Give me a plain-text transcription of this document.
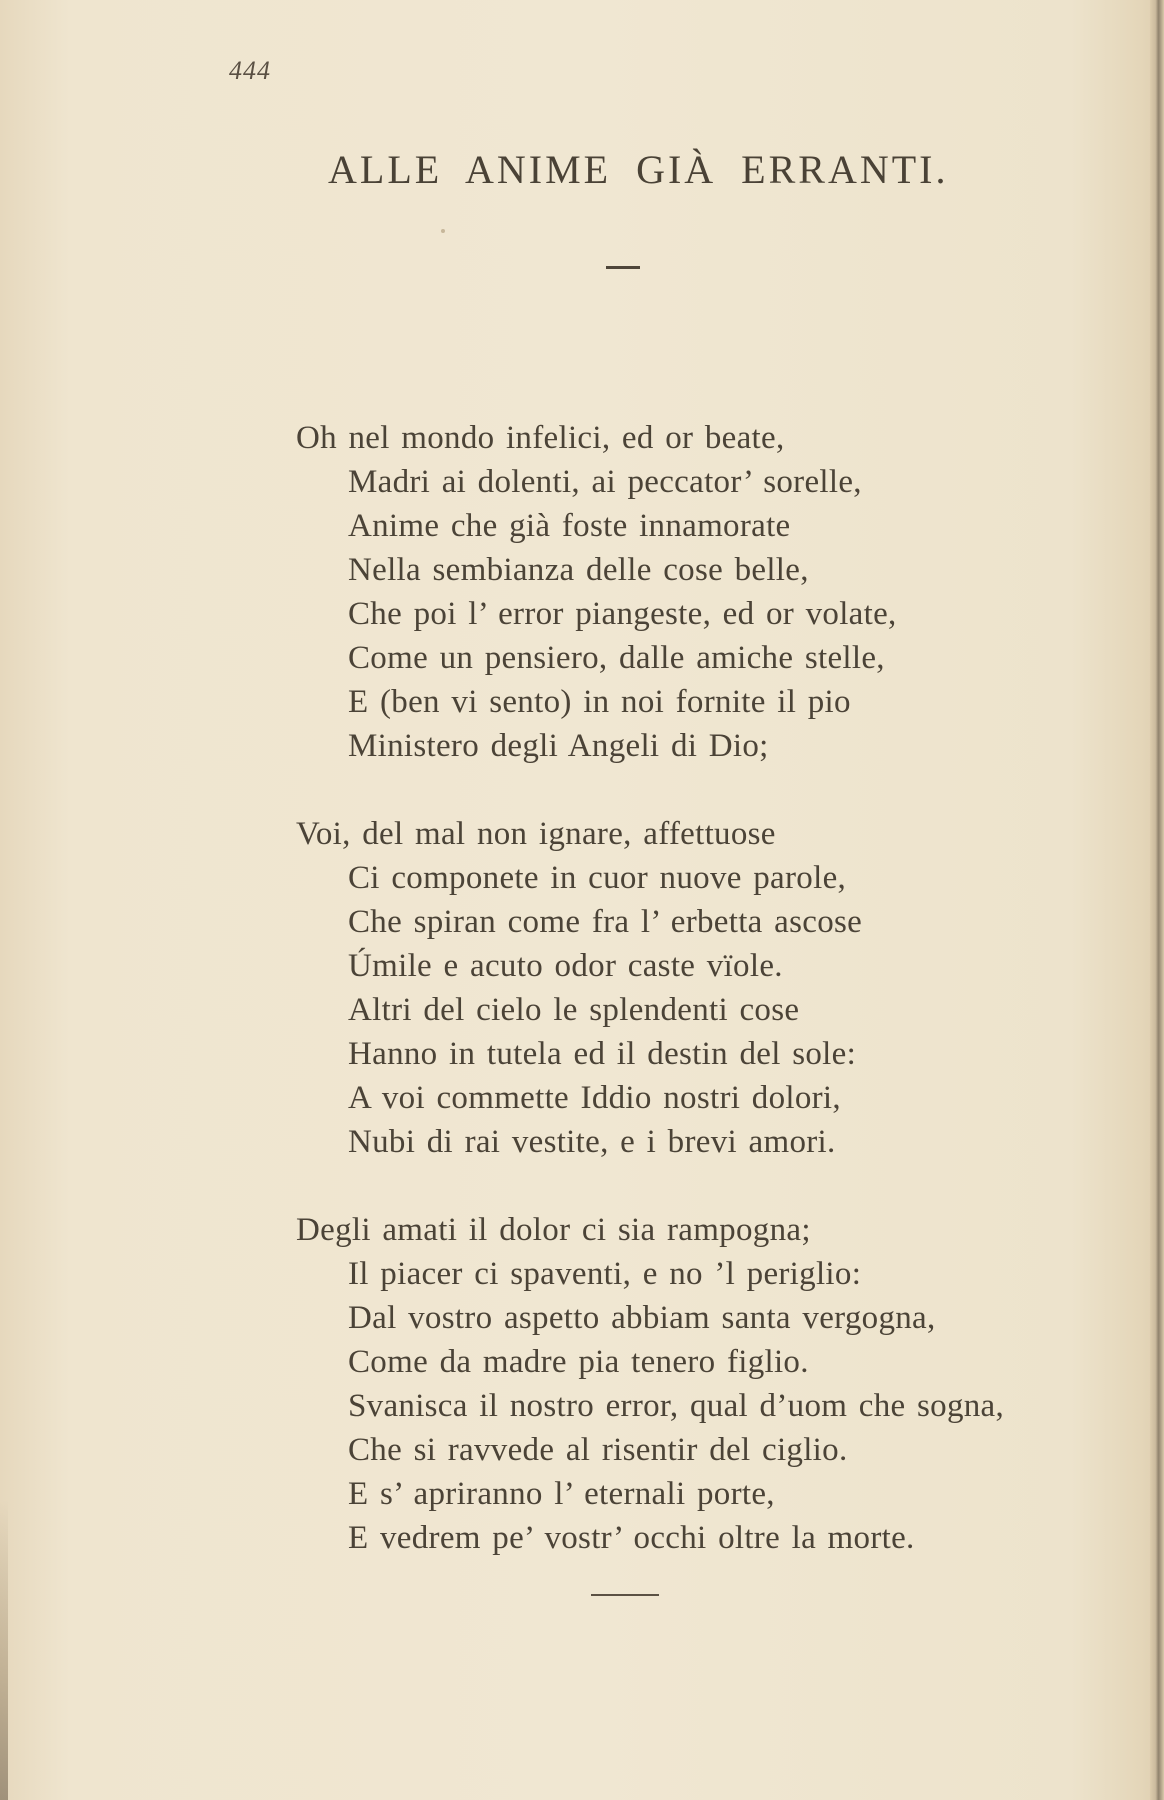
444
ALLE ANIME GIÀ ERRANTI.
Oh nel mondo infelici, ed or beate,
Madri ai dolenti, ai peccator’ sorelle,
Anime che già foste innamorate
Nella sembianza delle cose belle,
Che poi l’ error piangeste, ed or volate,
Come un pensiero, dalle amiche stelle,
E (ben vi sento) in noi fornite il pio
Ministero degli Angeli di Dio;
Voi, del mal non ignare, affettuose
Ci componete in cuor nuove parole,
Che spiran come fra l’ erbetta ascose
Úmile e acuto odor caste vïole.
Altri del cielo le splendenti cose
Hanno in tutela ed il destin del sole:
A voi commette Iddio nostri dolori,
Nubi di rai vestite, e i brevi amori.
Degli amati il dolor ci sia rampogna;
Il piacer ci spaventi, e no ’l periglio:
Dal vostro aspetto abbiam santa vergogna,
Come da madre pia tenero figlio.
Svanisca il nostro error, qual d’uom che sogna,
Che si ravvede al risentir del ciglio.
E s’ apriranno l’ eternali porte,
E vedrem pe’ vostr’ occhi oltre la morte.
